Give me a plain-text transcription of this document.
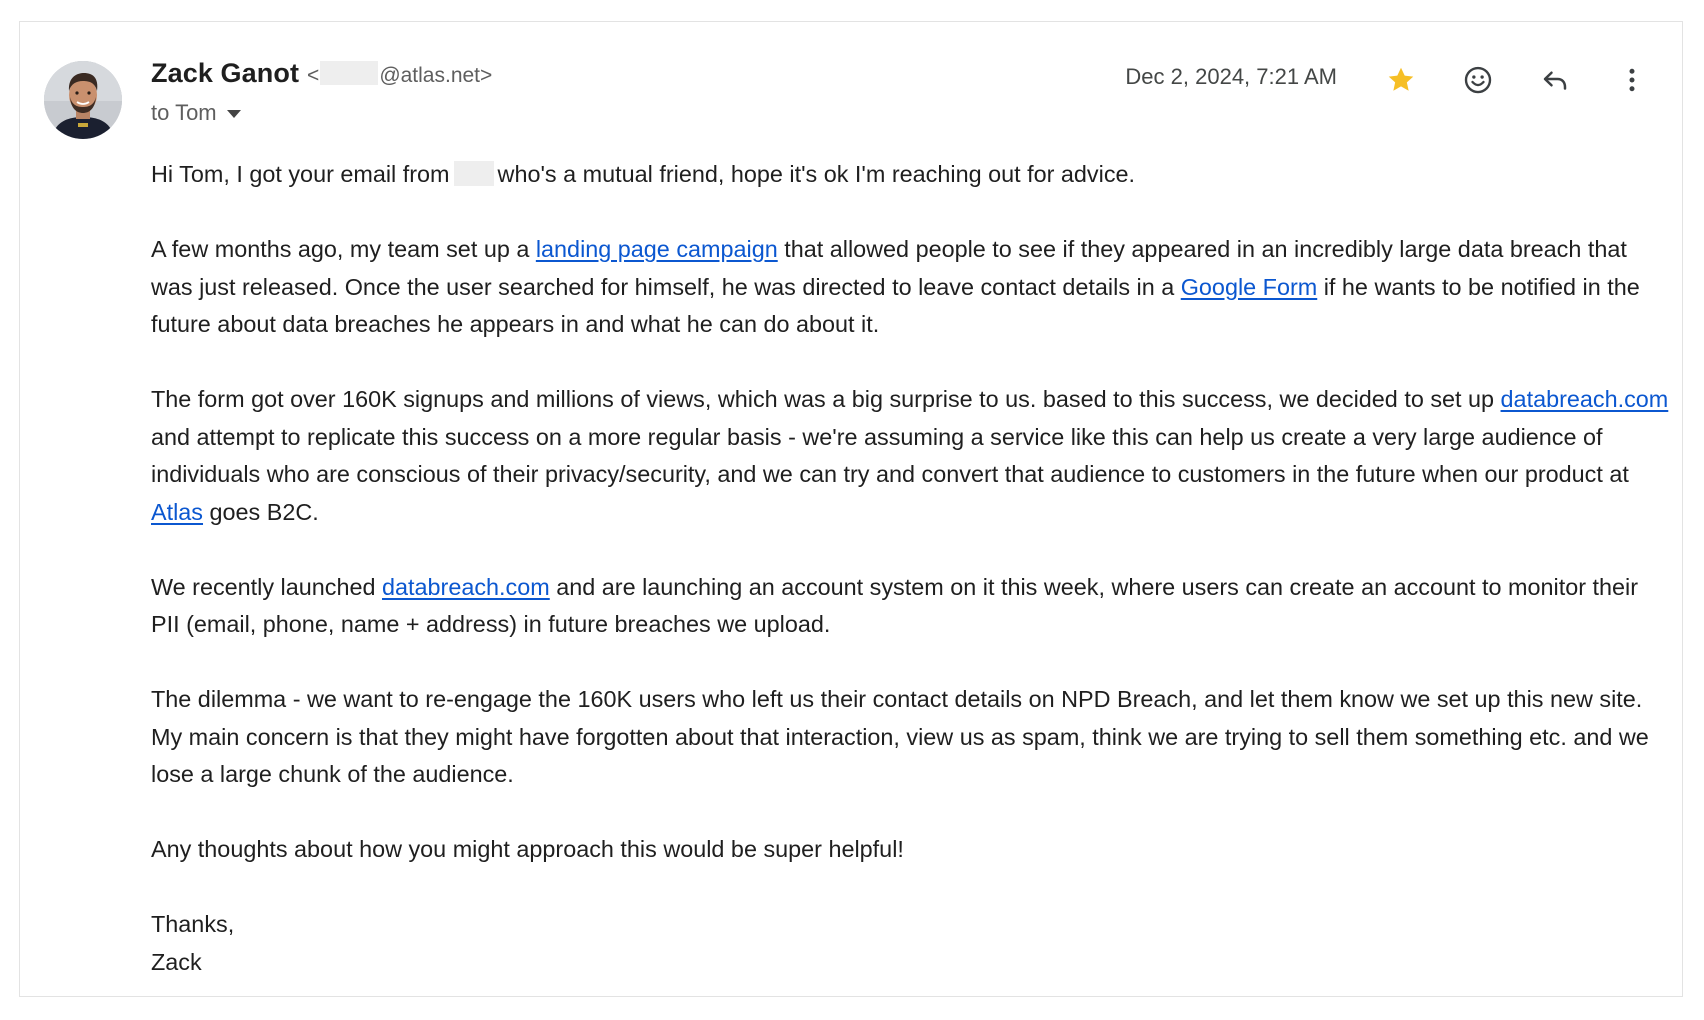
Zack Ganot <	@atlas.net>
to Tom
Dec 2, 2024, 7:21 AM

Hi Tom, I got your email from who's a mutual friend, hope it's ok I'm reaching out for advice.

A few months ago, my team set up a landing page campaign that allowed people to see if they appeared in an incredibly large data breach that was just released. Once the user searched for himself, he was directed to leave contact details in a Google Form if he wants to be notified in the future about data breaches he appears in and what he can do about it.

The form got over 160K signups and millions of views, which was a big surprise to us. based to this success, we decided to set up databreach.com and attempt to replicate this success on a more regular basis - we're assuming a service like this can help us create a very large audience of individuals who are conscious of their privacy/security, and we can try and convert that audience to customers in the future when our product at Atlas goes B2C.

We recently launched databreach.com and are launching an account system on it this week, where users can create an account to monitor their PII (email, phone, name + address) in future breaches we upload.

The dilemma - we want to re-engage the 160K users who left us their contact details on NPD Breach, and let them know we set up this new site. My main concern is that they might have forgotten about that interaction, view us as spam, think we are trying to sell them something etc. and we lose a large chunk of the audience.

Any thoughts about how you might approach this would be super helpful!

Thanks,

Zack
